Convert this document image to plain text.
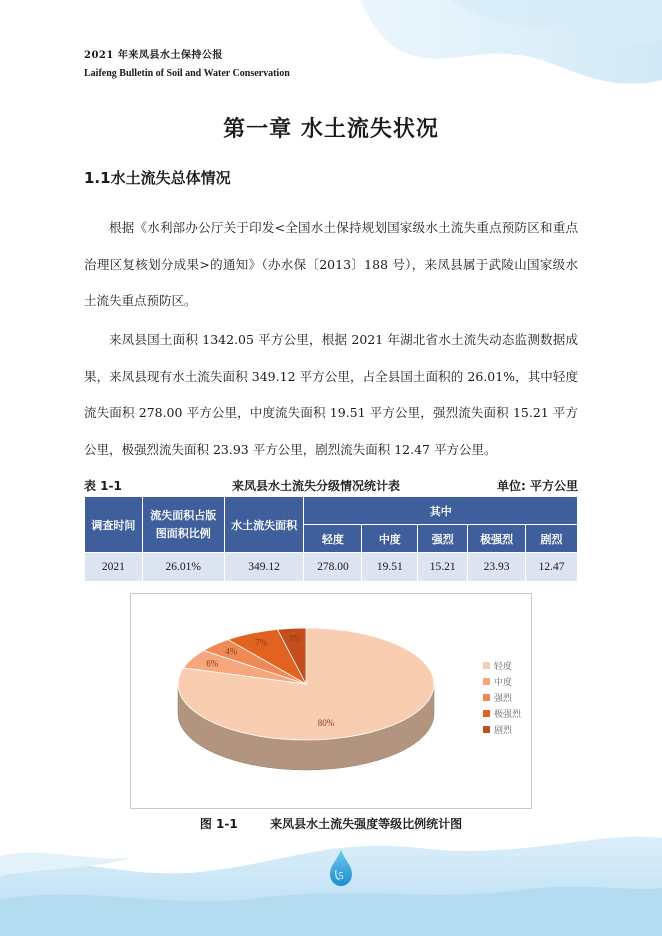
2021 年来凤县水土保持公报
Laifeng Bulletin of Soil and Water Conservation
第一章 水土流失状况
1.1水土流失总体情况
根据《水利部办公厅关于印发<全国水土保持规划国家级水土流失重点预防区和重点治理区复核划分成果>的通知》（办水保〔2013〕188 号），来凤县属于武陵山国家级水土流失重点预防区。
来凤县国土面积 1342.05 平方公里，根据 2021 年湖北省水土流失动态监测数据成果，来凤县现有水土流失面积 349.12 平方公里，占全县国土面积的 26.01%，其中轻度流失面积 278.00 平方公里，中度流失面积 19.51 平方公里，强烈流失面积 15.21 平方公里，极强烈流失面积 23.93 平方公里，剧烈流失面积 12.47 平方公里。
表 1-1	来凤县水土流失分级情况统计表	单位: 平方公里
调查时间	流失面积占版图面积比例	水土流失面积	其中				
			轻度	中度	强烈	极强烈	剧烈
2021	26.01%	349.12	278.00	19.51	15.21	23.93	12.47
80%
6%
4%
7% 3%
轻度
中度
强烈
极强烈
剧烈
图 1-1	来凤县水土流失强度等级比例统计图
5
